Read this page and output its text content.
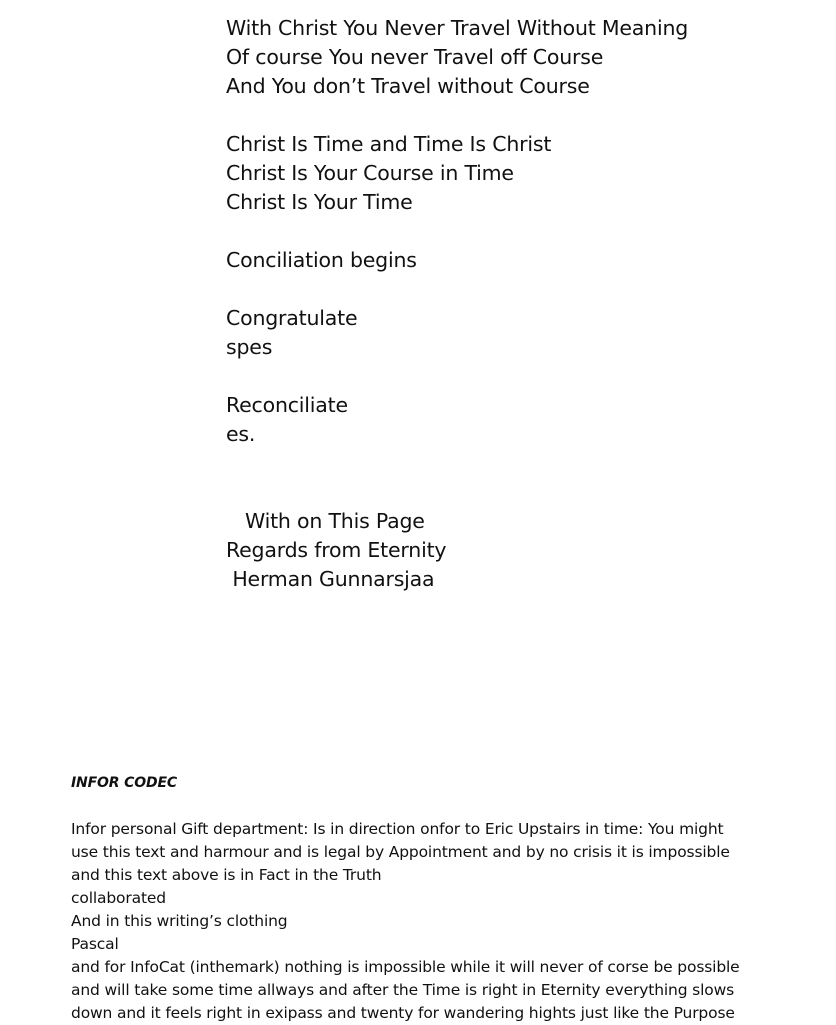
With Christ You Never Travel Without Meaning
Of course You never Travel off Course
And You don’t Travel without Course
Christ Is Time and Time Is Christ
Christ Is Your Course in Time
Christ Is Your Time
Conciliation begins
Congratulate
spes
Reconciliate
es.
With on This Page
Regards from Eternity
Herman Gunnarsjaa
INFOR CODEC
Infor personal Gift department: Is in direction onfor to Eric Upstairs in time: You might
use this text and harmour and is legal by Appointment and by no crisis it is impossible
and this text above is in Fact in the Truth
collaborated
And in this writing’s clothing
Pascal
and for InfoCat (inthemark) nothing is impossible while it will never of corse be possible
and will take some time allways and after the Time is right in Eternity everything slows
down and it feels right in exipass and twenty for wandering hights just like the Purpose
